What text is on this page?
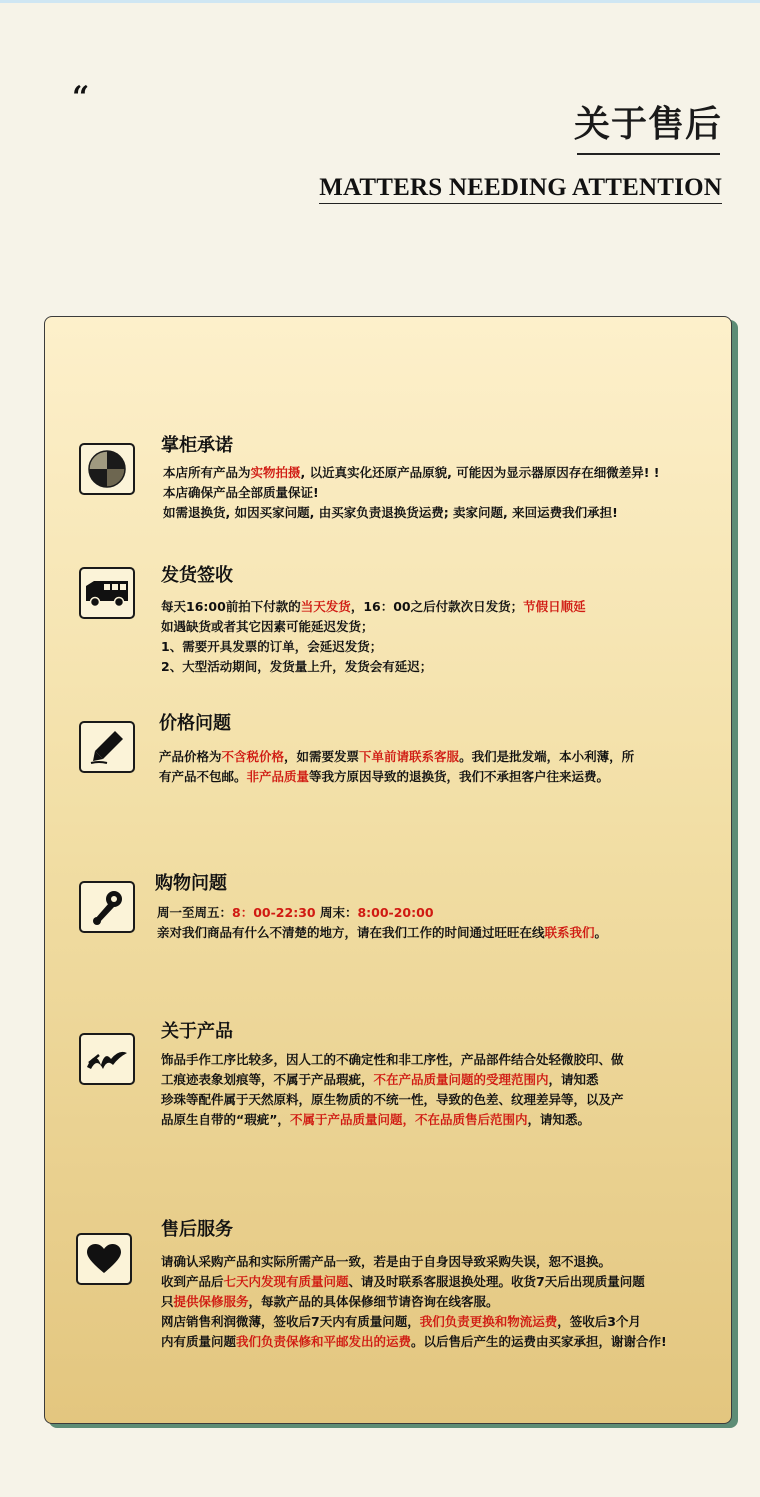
“
关于售后
MATTERS NEEDING ATTENTION
掌柜承诺
本店所有产品为实物拍摄, 以近真实化还原产品原貌, 可能因为显示器原因存在细微差异! !
本店确保产品全部质量保证!
如需退换货, 如因买家问题, 由买家负责退换货运费; 卖家问题, 来回运费我们承担!
发货签收
每天16:00前拍下付款的当天发货，16：00之后付款次日发货；节假日顺延
如遇缺货或者其它因素可能延迟发货；
1、需要开具发票的订单，会延迟发货；
2、大型活动期间，发货量上升，发货会有延迟；
价格问题
产品价格为不含税价格，如需要发票下单前请联系客服。我们是批发端，本小利薄，所
有产品不包邮。非产品质量等我方原因导致的退换货，我们不承担客户往来运费。
购物问题
周一至周五：8：00-22:30 周末：8:00-20:00
亲对我们商品有什么不清楚的地方，请在我们工作的时间通过旺旺在线联系我们。
关于产品
饰品手作工序比较多，因人工的不确定性和非工序性，产品部件结合处轻微胶印、做
工痕迹表象划痕等，不属于产品瑕疵，不在产品质量问题的受理范围内，请知悉
珍珠等配件属于天然原料，原生物质的不统一性，导致的色差、纹理差异等，以及产
品原生自带的“瑕疵”，不属于产品质量问题，不在品质售后范围内，请知悉。
售后服务
请确认采购产品和实际所需产品一致，若是由于自身因导致采购失误，恕不退换。
收到产品后七天内发现有质量问题、请及时联系客服退换处理。收货7天后出现质量问题
只提供保修服务，每款产品的具体保修细节请咨询在线客服。
网店销售利润微薄，签收后7天内有质量问题，我们负责更换和物流运费，签收后3个月
内有质量问题我们负责保修和平邮发出的运费。以后售后产生的运费由买家承担，谢谢合作!
